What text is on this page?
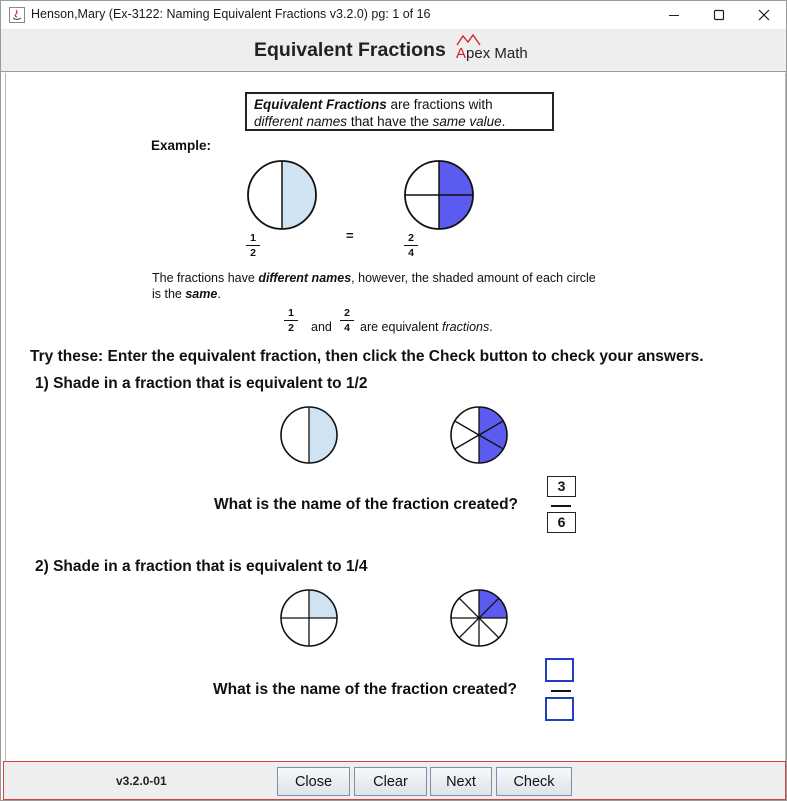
Henson,Mary (Ex-3122: Naming Equivalent Fractions v3.2.0) pg: 1 of 16
Equivalent Fractions Apex Math
Equivalent Fractions are fractions with
different names that have the same value.
Example:
1
2
=	2
4
The fractions have different names, however, the shaded amount of each circle
is the same.
1
2	and
2
4 are equivalent fractions.
Try these: Enter the equivalent fraction, then click the Check button to check your answers.
1) Shade in a fraction that is equivalent to 1/2
What is the name of the fraction created?
3
6
2) Shade in a fraction that is equivalent to 1/4
What is the name of the fraction created?
v3.2.0-01	Close	Clear	Next	Check
